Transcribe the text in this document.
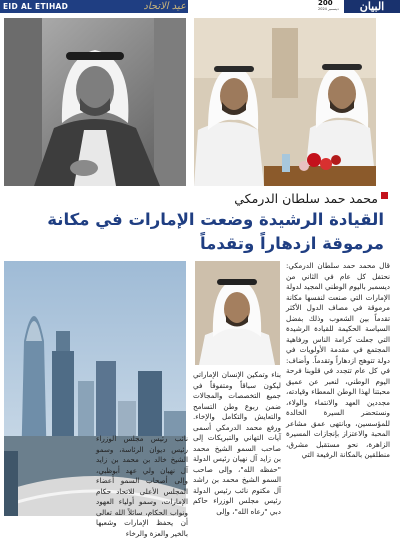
EID AL ETIHAD	عيد الاتحاد	200
2024 ديسمبر	البيان
محمد حمد سلطان الدرمكي
القيادة الرشيدة وضعت الإمارات في مكانة
مرموقة ازدهاراً وتقدماً
قال محمد حمد سلطان الدرمكي: نحتفل كل عام في الثاني من ديسمبر باليوم الوطني المجيد لدولة الإمارات التي صنعت لنفسها مكانة مرموقة في مصاف الدول الأكثر تقدماً بين الشعوب وذلك بفضل السياسة الحكيمة للقيادة الرشيدة التي جعلت كرامة الناس ورفاهية المجتمع في مقدمة الأولويات في دولة تتوهج ازدهاراً وتقدماً. وأضاف: في كل عام تتجدد في قلوبنا فرحة اليوم الوطني، لنعبر عن عميق محبتنا لهذا الوطن المعطاء وقيادته، مجددين العهد والانتماء والولاء، ونستحضر السيرة الخالدة للمؤسسين، وبانتهى عمق مشاعر المحبة والاعتزاز بإنجازات المسيرة الزاهرة، نحو مستقبل مشرق، منطلقين بالمكانة الرفيعة التي
بناء وتمكين الإنسان الإماراتي ليكون سباقاً ومتفوقاً في جميع التخصصات والمجالات ضمن ربوع وطن التسامح والتعايش والتكامل والإخاء. ورفع محمد الدرمكي أسمى آيات التهاني والتبريكات إلى صاحب السمو الشيخ محمد بن زايد آل نهيان رئيس الدولة "حفظه الله"، وإلى صاحب السمو الشيخ محمد بن راشد آل مكتوم نائب رئيس الدولة رئيس مجلس الوزراء حاكم دبي "رعاه الله"، وإلى
نائب رئيس مجلس الوزراء رئيس ديوان الرئاسة، وسمو الشيخ خالد بن محمد بن زايد آل نهيان ولي عهد أبوظبي، وإلى أصحاب السمو أعضاء المجلس الأعلى للاتحاد حكام الإمارات، وسمو أولياء العهود ونواب الحكام، سائلاً الله تعالى أن يحفظ الإمارات وشعبها بالخير والعزة والرخاء
